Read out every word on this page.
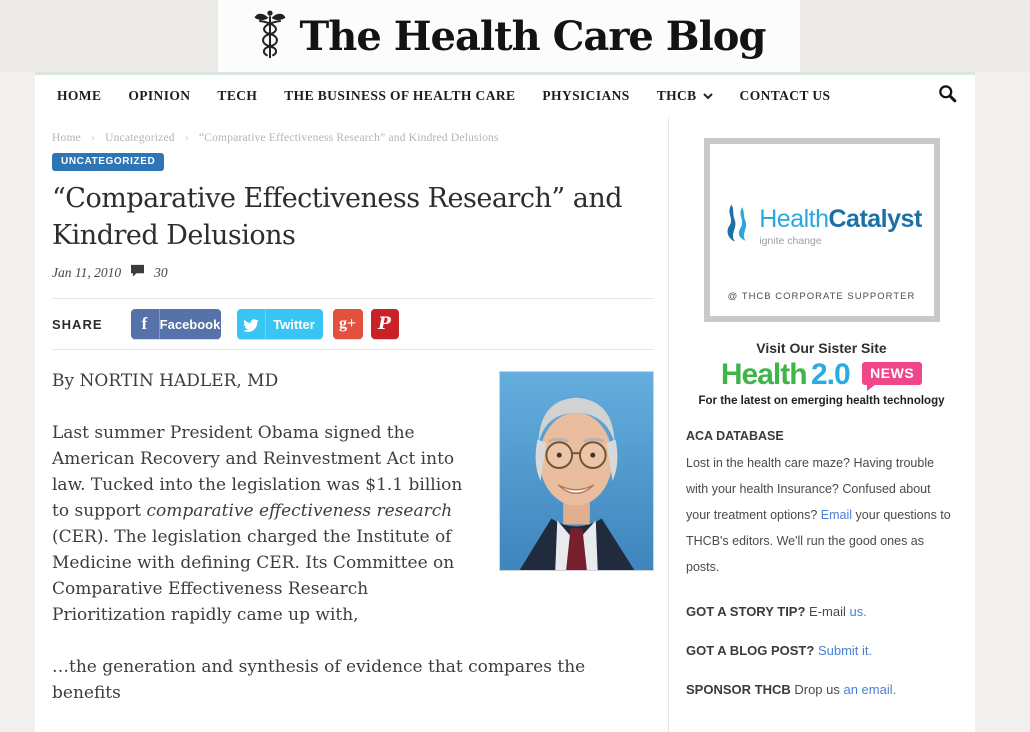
The Health Care Blog
HOME OPINION TECH THE BUSINESS OF HEALTH CARE PHYSICIANS THCB	CONTACT US
Home › Uncategorized › “Comparative Effectiveness Research” and Kindred Delusions
UNCATEGORIZED
“Comparative Effectiveness Research” and Kindred Delusions
Jan 11, 2010 30
SHARE	f Facebook	Twitter	g+ P

By NORTIN HADLER, MD

Last summer President Obama signed the American Recovery and Reinvestment Act into law. Tucked into the legislation was $1.1 billion to support comparative effectiveness research (CER). The legislation charged the Institute of Medicine with defining CER. Its Committee on Comparative Effectiveness Research Prioritization rapidly came up with,

…the generation and synthesis of evidence that compares the benefits

HealthCatalyst
ignite change
@ THCB CORPORATE SUPPORTER
Visit Our Sister Site
Health 2.0 NEWS
For the latest on emerging health technology
ACA DATABASE
Lost in the health care maze? Having trouble with your health Insurance? Confused about your treatment options? Email your questions to THCB's editors. We'll run the good ones as posts.
GOT A STORY TIP? E-mail us.
GOT A BLOG POST? Submit it.
SPONSOR THCB Drop us an email.
